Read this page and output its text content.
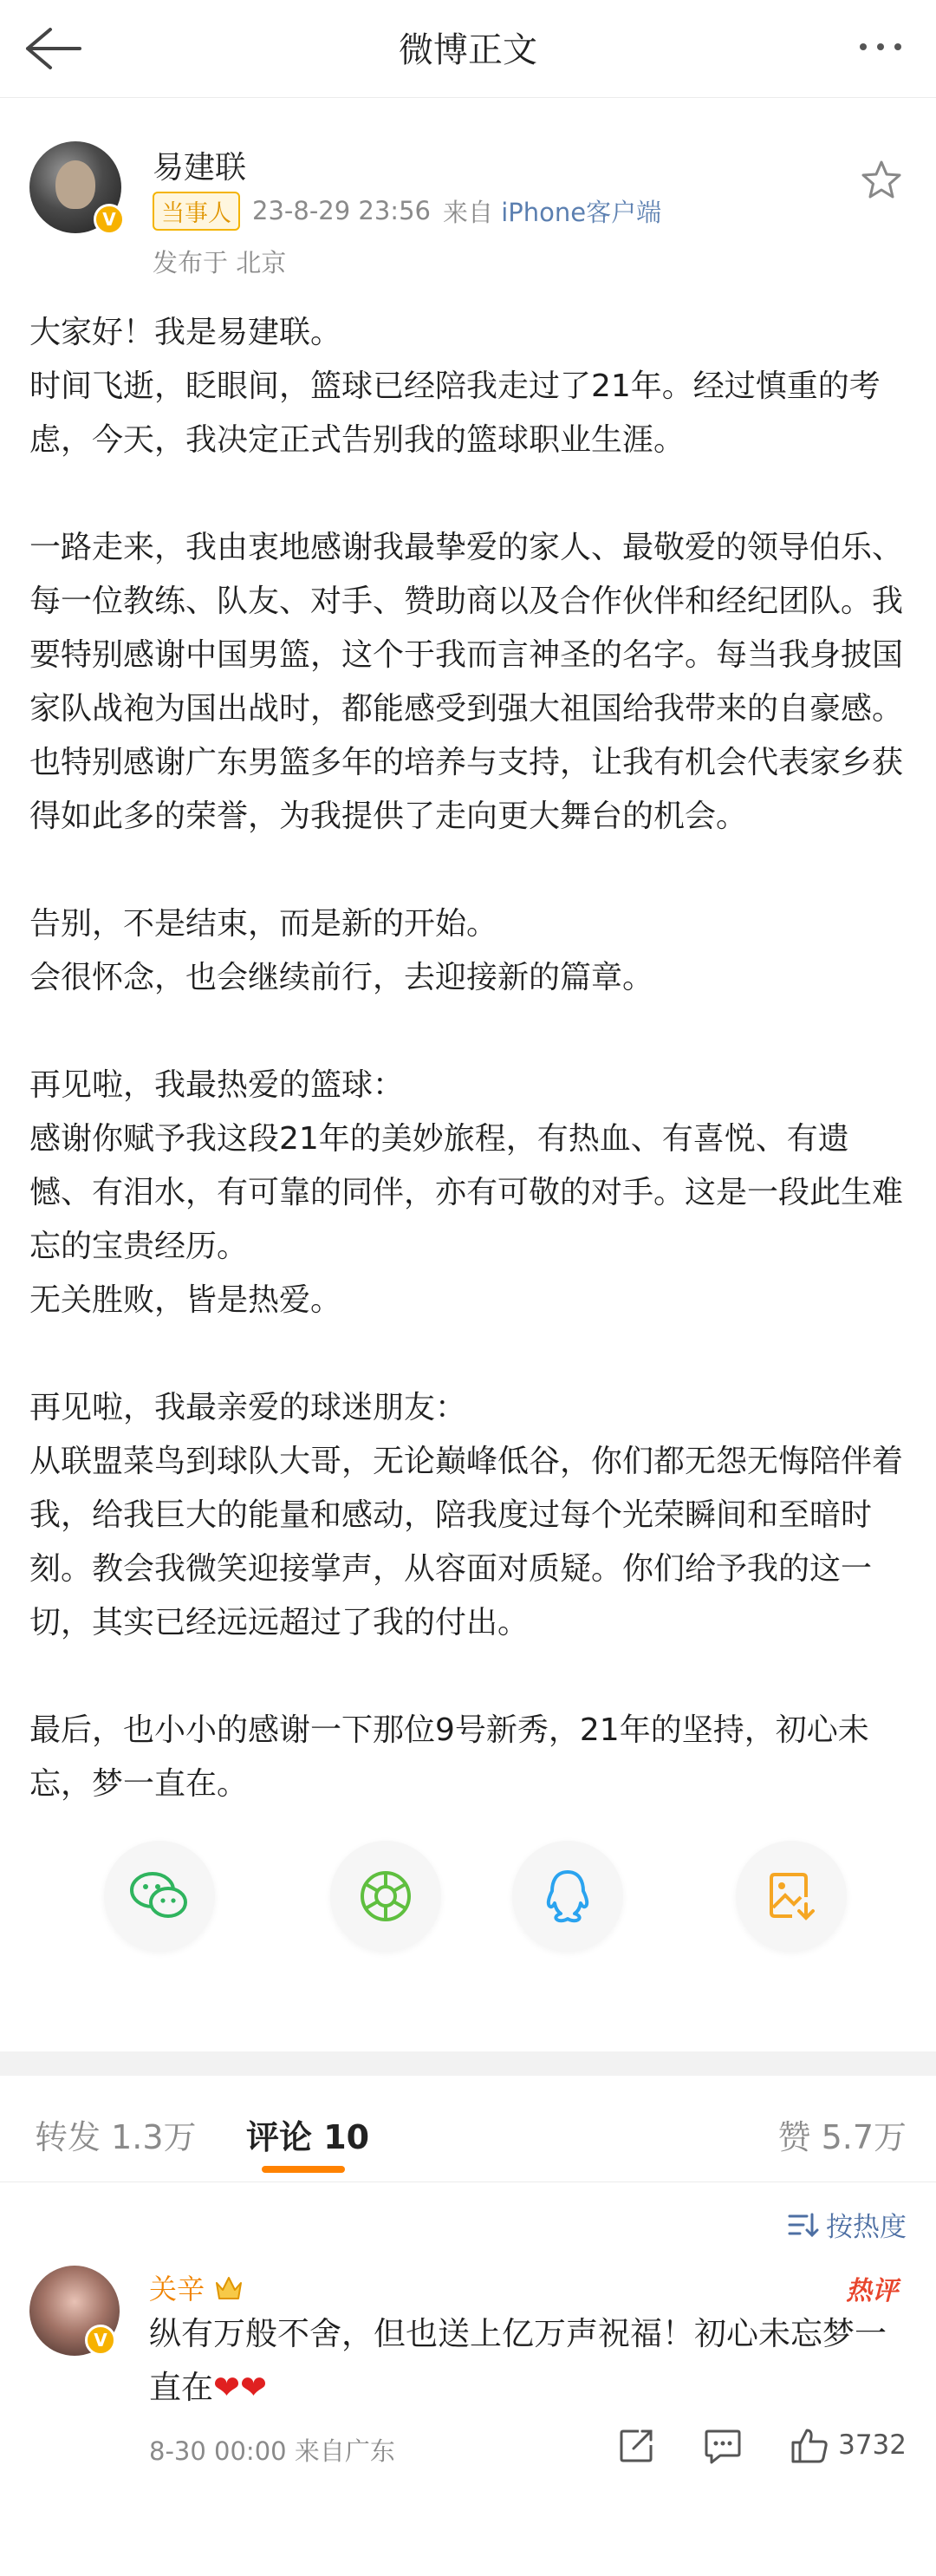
微博正文
V
易建联
当事人 23-8-29 23:56 来自 iPhone客户端
发布于 北京

大家好！我是易建联。

时间飞逝，眨眼间，篮球已经陪我走过了21年。经过慎重的考虑，今天，我决定正式告别我的篮球职业生涯。

一路走来，我由衷地感谢我最挚爱的家人、最敬爱的领导伯乐、每一位教练、队友、对手、赞助商以及合作伙伴和经纪团队。我要特别感谢中国男篮，这个于我而言神圣的名字。每当我身披国家队战袍为国出战时，都能感受到强大祖国给我带来的自豪感。也特别感谢广东男篮多年的培养与支持，让我有机会代表家乡获得如此多的荣誉，为我提供了走向更大舞台的机会。

告别，不是结束，而是新的开始。

会很怀念，也会继续前行，去迎接新的篇章。

再见啦，我最热爱的篮球：

感谢你赋予我这段21年的美妙旅程，有热血、有喜悦、有遗憾、有泪水，有可靠的同伴，亦有可敬的对手。这是一段此生难忘的宝贵经历。

无关胜败，皆是热爱。

再见啦，我最亲爱的球迷朋友：

从联盟菜鸟到球队大哥，无论巅峰低谷，你们都无怨无悔陪伴着我，给我巨大的能量和感动，陪我度过每个光荣瞬间和至暗时刻。教会我微笑迎接掌声，从容面对质疑。你们给予我的这一切，其实已经远远超过了我的付出。

最后，也小小的感谢一下那位9号新秀，21年的坚持，初心未忘，梦一直在。

转发 1.3万 评论 10	赞 5.7万
按热度
V
关辛	热评
纵有万般不舍，但也送上亿万声祝福！初心未忘梦一直在❤❤
8-30 00:00 来自广东	3732
